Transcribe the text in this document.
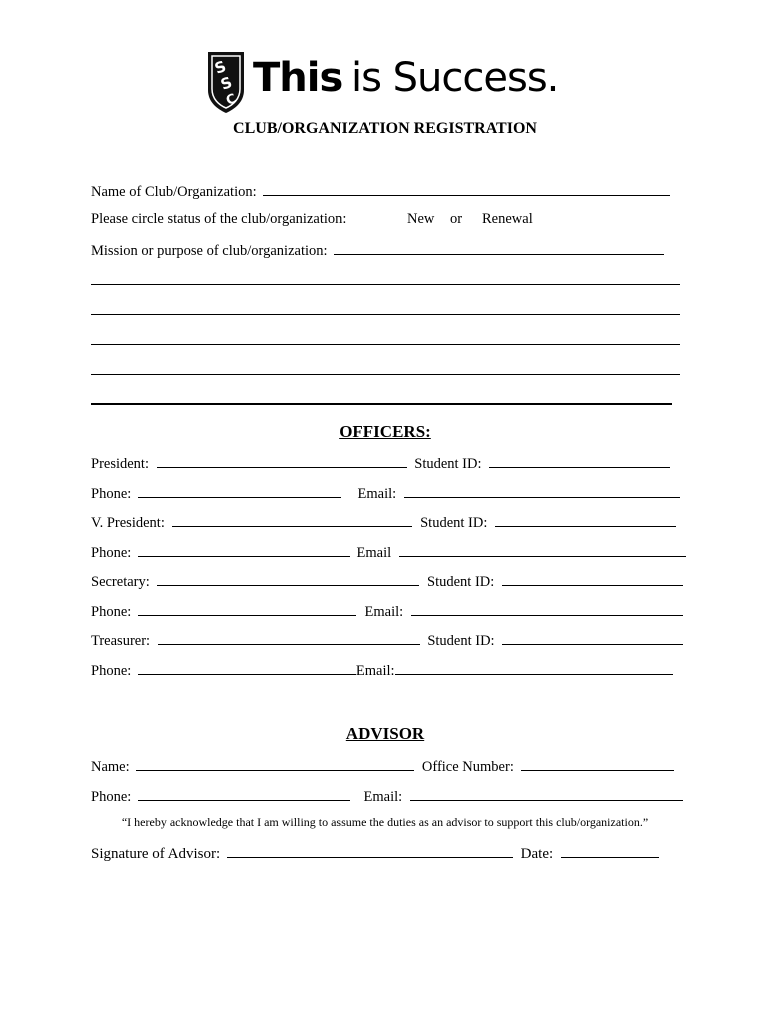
S
S
C This is Success.
CLUB/ORGANIZATION REGISTRATION
Name of Club/Organization:
Please circle status of the club/organization:	New or Renewal
Mission or purpose of club/organization:
OFFICERS:
President:	Student ID:
Phone:	Email:
V. President:	Student ID:
Phone:	Email
Secretary:	Student ID:
Phone:	Email:
Treasurer:	Student ID:
Phone:	Email:
ADVISOR
Name:	Office Number:
Phone:	Email:
“I hereby acknowledge that I am willing to assume the duties as an advisor to support this club/organization.”
Signature of Advisor:	Date:
